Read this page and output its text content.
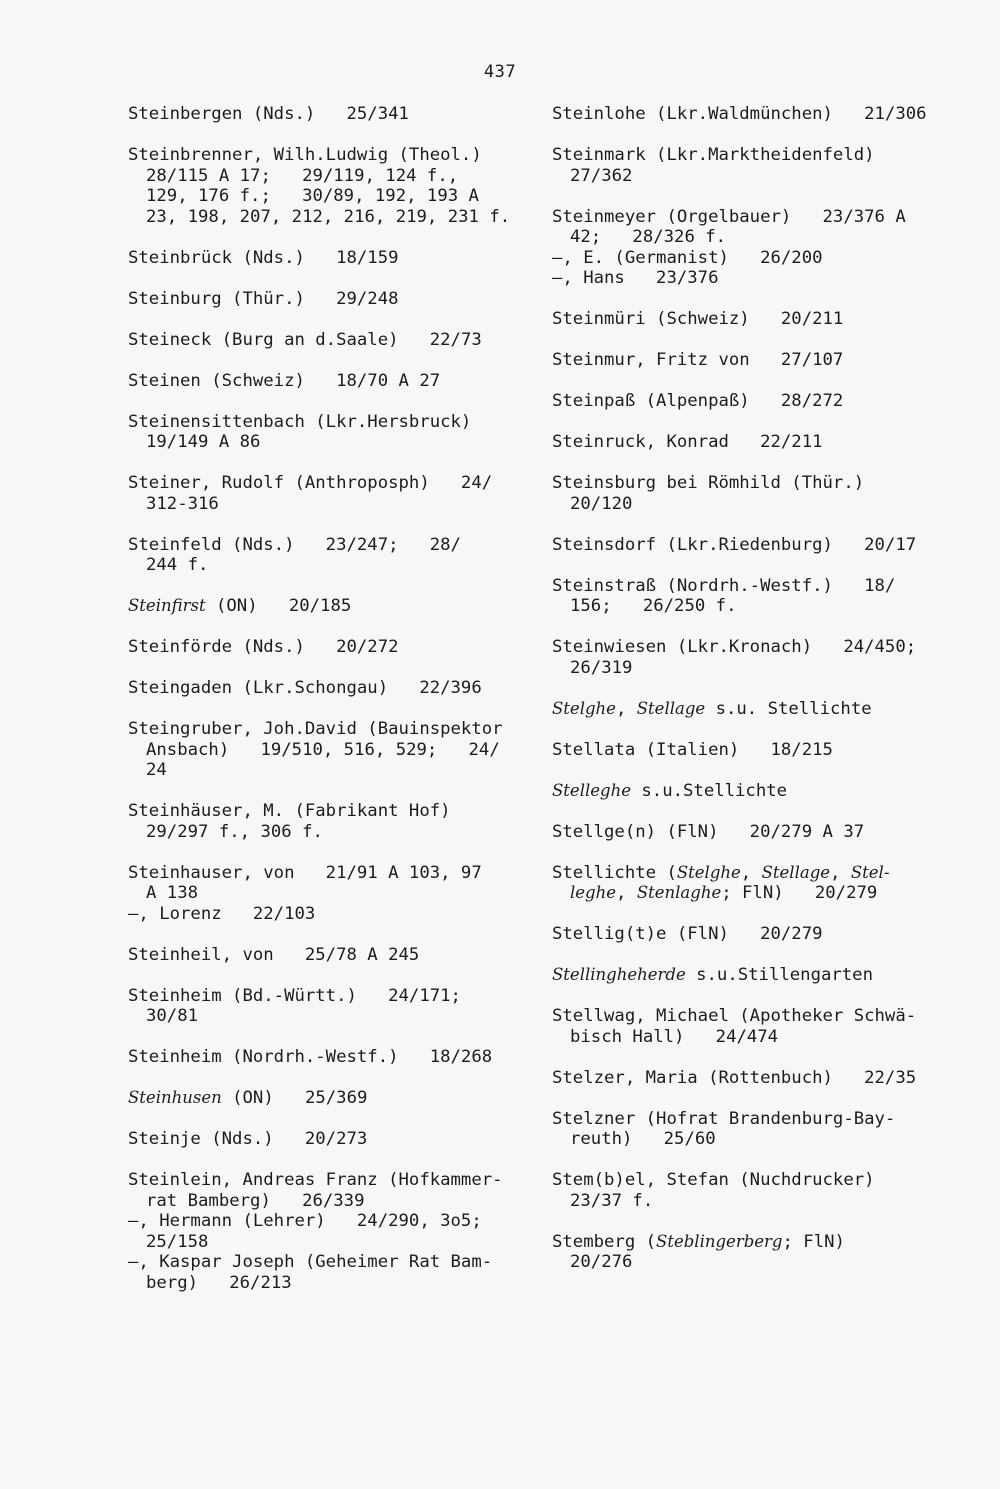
437
Steinbergen (Nds.)   25/341
Steinbrenner, Wilh.Ludwig (Theol.)
28/115 A 17;   29/119, 124 f.,
129, 176 f.;   30/89, 192, 193 A
23, 198, 207, 212, 216, 219, 231 f.
Steinbrück (Nds.)   18/159
Steinburg (Thür.)   29/248
Steineck (Burg an d.Saale)   22/73
Steinen (Schweiz)   18/70 A 27
Steinensittenbach (Lkr.Hersbruck)
19/149 A 86
Steiner, Rudolf (Anthroposph)   24/
312-316
Steinfeld (Nds.)   23/247;   28/
244 f.
Steinfirst (ON)   20/185
Steinförde (Nds.)   20/272
Steingaden (Lkr.Schongau)   22/396
Steingruber, Joh.David (Bauinspektor
Ansbach)   19/510, 516, 529;   24/
24
Steinhäuser, M. (Fabrikant Hof)
29/297 f., 306 f.
Steinhauser, von   21/91 A 103, 97
A 138
—, Lorenz   22/103
Steinheil, von   25/78 A 245
Steinheim (Bd.-Württ.)   24/171;
30/81
Steinheim (Nordrh.-Westf.)   18/268
Steinhusen (ON)   25/369
Steinje (Nds.)   20/273
Steinlein, Andreas Franz (Hofkammer-
rat Bamberg)   26/339
—, Hermann (Lehrer)   24/290, 3o5;
25/158
—, Kaspar Joseph (Geheimer Rat Bam-
berg)   26/213
Steinlohe (Lkr.Waldmünchen)   21/306
Steinmark (Lkr.Marktheidenfeld)
27/362
Steinmeyer (Orgelbauer)   23/376 A
42;   28/326 f.
—, E. (Germanist)   26/200
—, Hans   23/376
Steinmüri (Schweiz)   20/211
Steinmur, Fritz von   27/107
Steinpaß (Alpenpaß)   28/272
Steinruck, Konrad   22/211
Steinsburg bei Römhild (Thür.)
20/120
Steinsdorf (Lkr.Riedenburg)   20/17
Steinstraß (Nordrh.-Westf.)   18/
156;   26/250 f.
Steinwiesen (Lkr.Kronach)   24/450;
26/319
Stelghe, Stellage s.u. Stellichte
Stellata (Italien)   18/215
Stelleghe s.u.Stellichte
Stellge(n) (FlN)   20/279 A 37
Stellichte (Stelghe, Stellage, Stel-
leghe, Stenlaghe; FlN)   20/279
Stellig(t)e (FlN)   20/279
Stellingheherde s.u.Stillengarten
Stellwag, Michael (Apotheker Schwä-
bisch Hall)   24/474
Stelzer, Maria (Rottenbuch)   22/35
Stelzner (Hofrat Brandenburg-Bay-
reuth)   25/60
Stem(b)el, Stefan (Nuchdrucker)
23/37 f.
Stemberg (Steblingerberg; FlN)
20/276
